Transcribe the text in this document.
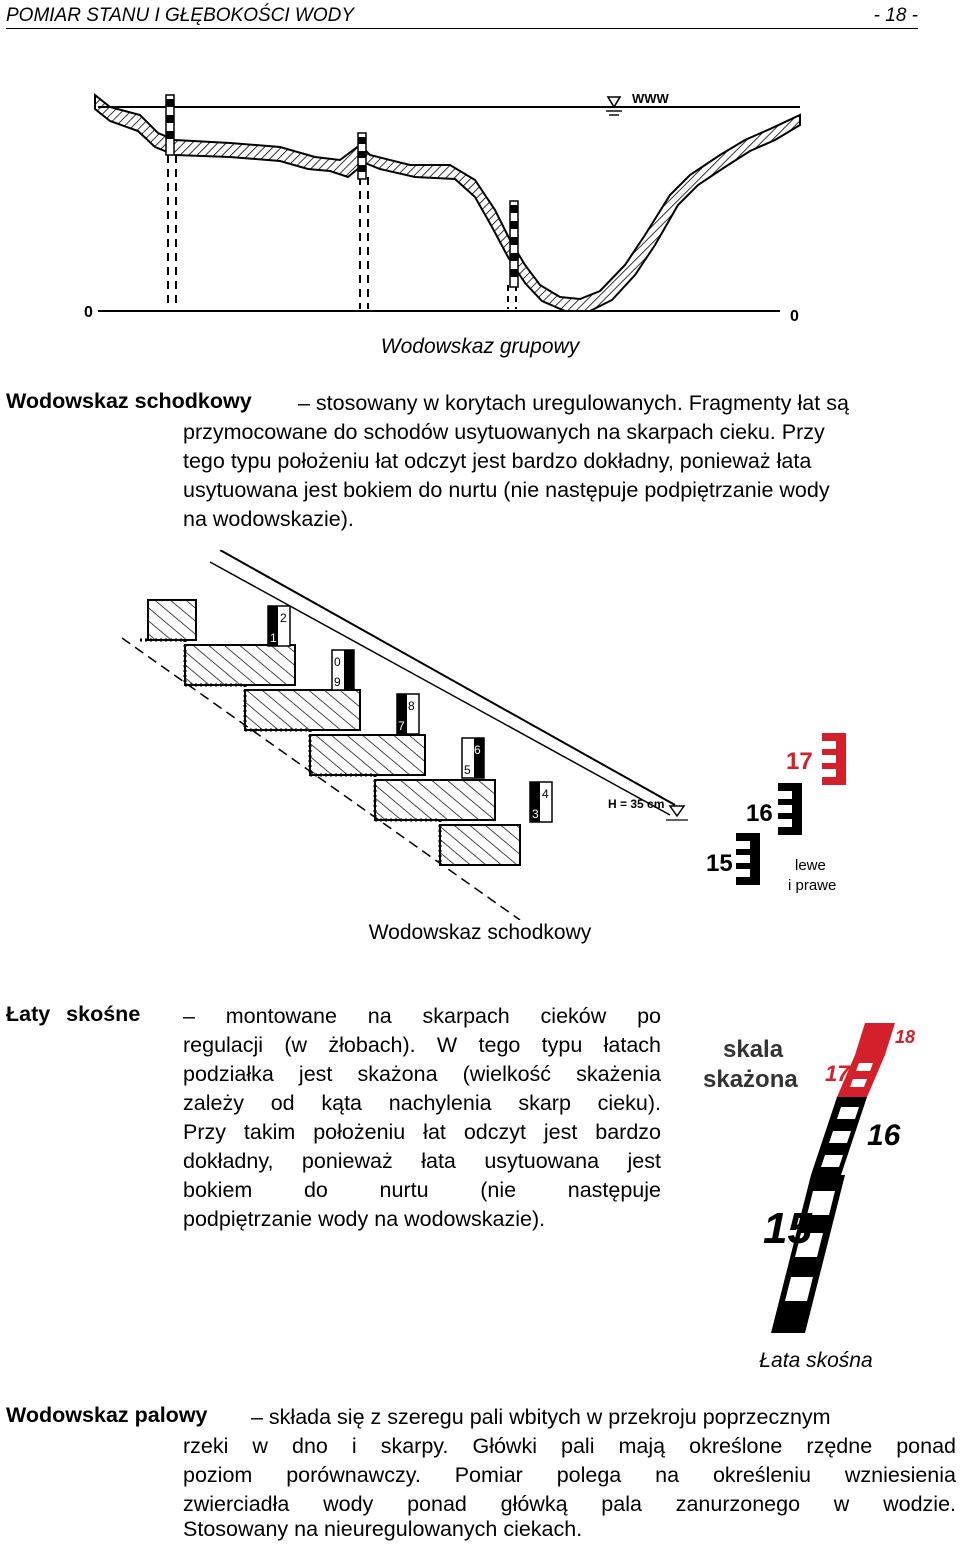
POMIAR STANU I GŁĘBOKOŚCI WODY	- 18 -
0	0
WWW
Wodowskaz grupowy
Wodowskaz schodkowy – stosowany w korytach uregulowanych. Fragmenty łat są
przymocowane do schodów usytuowanych na skarpach cieku. Przy
tego typu położeniu łat odczyt jest bardzo dokładny, ponieważ łata
usytuowana jest bokiem do nurtu (nie następuje podpiętrzanie wody
na wodowskazie).
2
1
0
9
8
7
6
5
4
3
H = 35 cm
17
16
15	lewe
i prawe
Wodowskaz schodkowy
Łaty skośne – montowane na skarpach cieków po
regulacji (w żłobach). W tego typu łatach
podziałka jest skażona (wielkość skażenia
zależy od kąta nachylenia skarp cieku).
Przy takim położeniu łat odczyt jest bardzo
dokładny, ponieważ łata usytuowana jest
bokiem do nurtu (nie następuje
podpiętrzanie wody na wodowskazie).
skala
skażona
18
17
16
15
Łata skośna
Wodowskaz palowy – składa się z szeregu pali wbitych w przekroju poprzecznym
rzeki w dno i skarpy. Główki pali mają określone rzędne ponad
poziom porównawczy. Pomiar polega na określeniu wzniesienia
zwierciadła wody ponad główką pala zanurzonego w wodzie.
Stosowany na nieuregulowanych ciekach.
